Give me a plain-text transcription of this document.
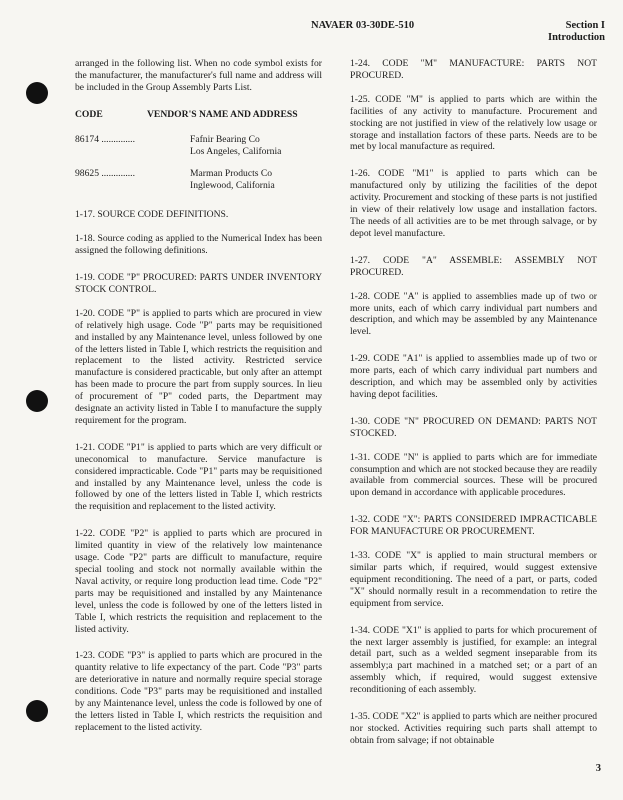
NAVAER 03-30DE-510	Section I
Introduction

arranged in the following list. When no code symbol exists for the manufacturer, the manufacturer's full name and address will be included in the Group Assembly Parts List.

CODE	VENDOR'S NAME AND ADDRESS
86174 ..............	Fafnir Bearing Co
Los Angeles, California
98625 ..............	Marman Products Co
Inglewood, California

1-17. SOURCE CODE DEFINITIONS.

1-18. Source coding as applied to the Numerical Index has been assigned the following definitions.

1-19. CODE "P" PROCURED: PARTS UNDER INVENTORY STOCK CONTROL.

1-20. CODE "P" is applied to parts which are procured in view of relatively high usage. Code "P" parts may be requisitioned and installed by any Maintenance level, unless followed by one of the letters listed in Table I, which restricts the requisition and replacement to the listed activity. Restricted service manufacture is considered practicable, but only after an attempt has been made to procure the part from supply sources. In lieu of procurement of "P" coded parts, the Department may designate an activity listed in Table I to manufacture the supply requirement for the program.

1-21. CODE "P1" is applied to parts which are very difficult or uneconomical to manufacture. Service manufacture is considered impracticable. Code "P1" parts may be requisitioned and installed by any Maintenance level, unless the code is followed by one of the letters listed in Table I, which restricts the requisition and replacement to the listed activity.

1-22. CODE "P2" is applied to parts which are procured in limited quantity in view of the relatively low maintenance usage. Code "P2" parts are difficult to manufacture, require special tooling and stock not normally available within the Naval activity, or require long production lead time. Code "P2" parts may be requisitioned and installed by any Maintenance level, unless the code is followed by one of the letters listed in Table I, which restricts the requisition and replacement to the listed activity.

1-23. CODE "P3" is applied to parts which are procured in the quantity relative to life expectancy of the part. Code "P3" parts are deteriorative in nature and normally require special storage conditions. Code "P3" parts may be requisitioned and installed by any Maintenance level, unless the code is followed by one of the letters listed in Table I, which restricts the requisition and replacement to the listed activity.

1-24. CODE "M" MANUFACTURE: PARTS NOT PROCURED.

1-25. CODE "M" is applied to parts which are within the facilities of any activity to manufacture. Procurement and stocking are not justified in view of the relatively low usage or storage and installation factors of these parts. Needs are to be met by local manufacture as required.

1-26. CODE "M1" is applied to parts which can be manufactured only by utilizing the facilities of the depot activity. Procurement and stocking of these parts is not justified in view of their relatively low usage and installation factors. The needs of all activities are to be met through salvage, or by depot level manufacture.

1-27. CODE "A" ASSEMBLE: ASSEMBLY NOT PROCURED.

1-28. CODE "A" is applied to assemblies made up of two or more units, each of which carry individual part numbers and description, and which may be assembled by any Maintenance level.

1-29. CODE "A1" is applied to assemblies made up of two or more parts, each of which carry individual part numbers and description, and which may be assembled only by activities having depot facilities.

1-30. CODE "N" PROCURED ON DEMAND: PARTS NOT STOCKED.

1-31. CODE "N" is applied to parts which are for immediate consumption and which are not stocked because they are readily available from commercial sources. These will be procured upon demand in accordance with applicable procedures.

1-32. CODE "X": PARTS CONSIDERED IMPRACTICABLE FOR MANUFACTURE OR PROCUREMENT.

1-33. CODE "X" is applied to main structural members or similar parts which, if required, would suggest extensive equipment reconditioning. The need of a part, or parts, coded "X" should normally result in a recommendation to retire the equipment from service.

1-34. CODE "X1" is applied to parts for which procurement of the next larger assembly is justified, for example: an integral detail part, such as a welded segment inseparable from its assembly;a part machined in a matched set; or a part of an assembly which, if required, would suggest extensive reconditioning of each assembly.

1-35. CODE "X2" is applied to parts which are neither procured nor stocked. Activities requiring such parts shall attempt to obtain from salvage; if not obtainable

3
